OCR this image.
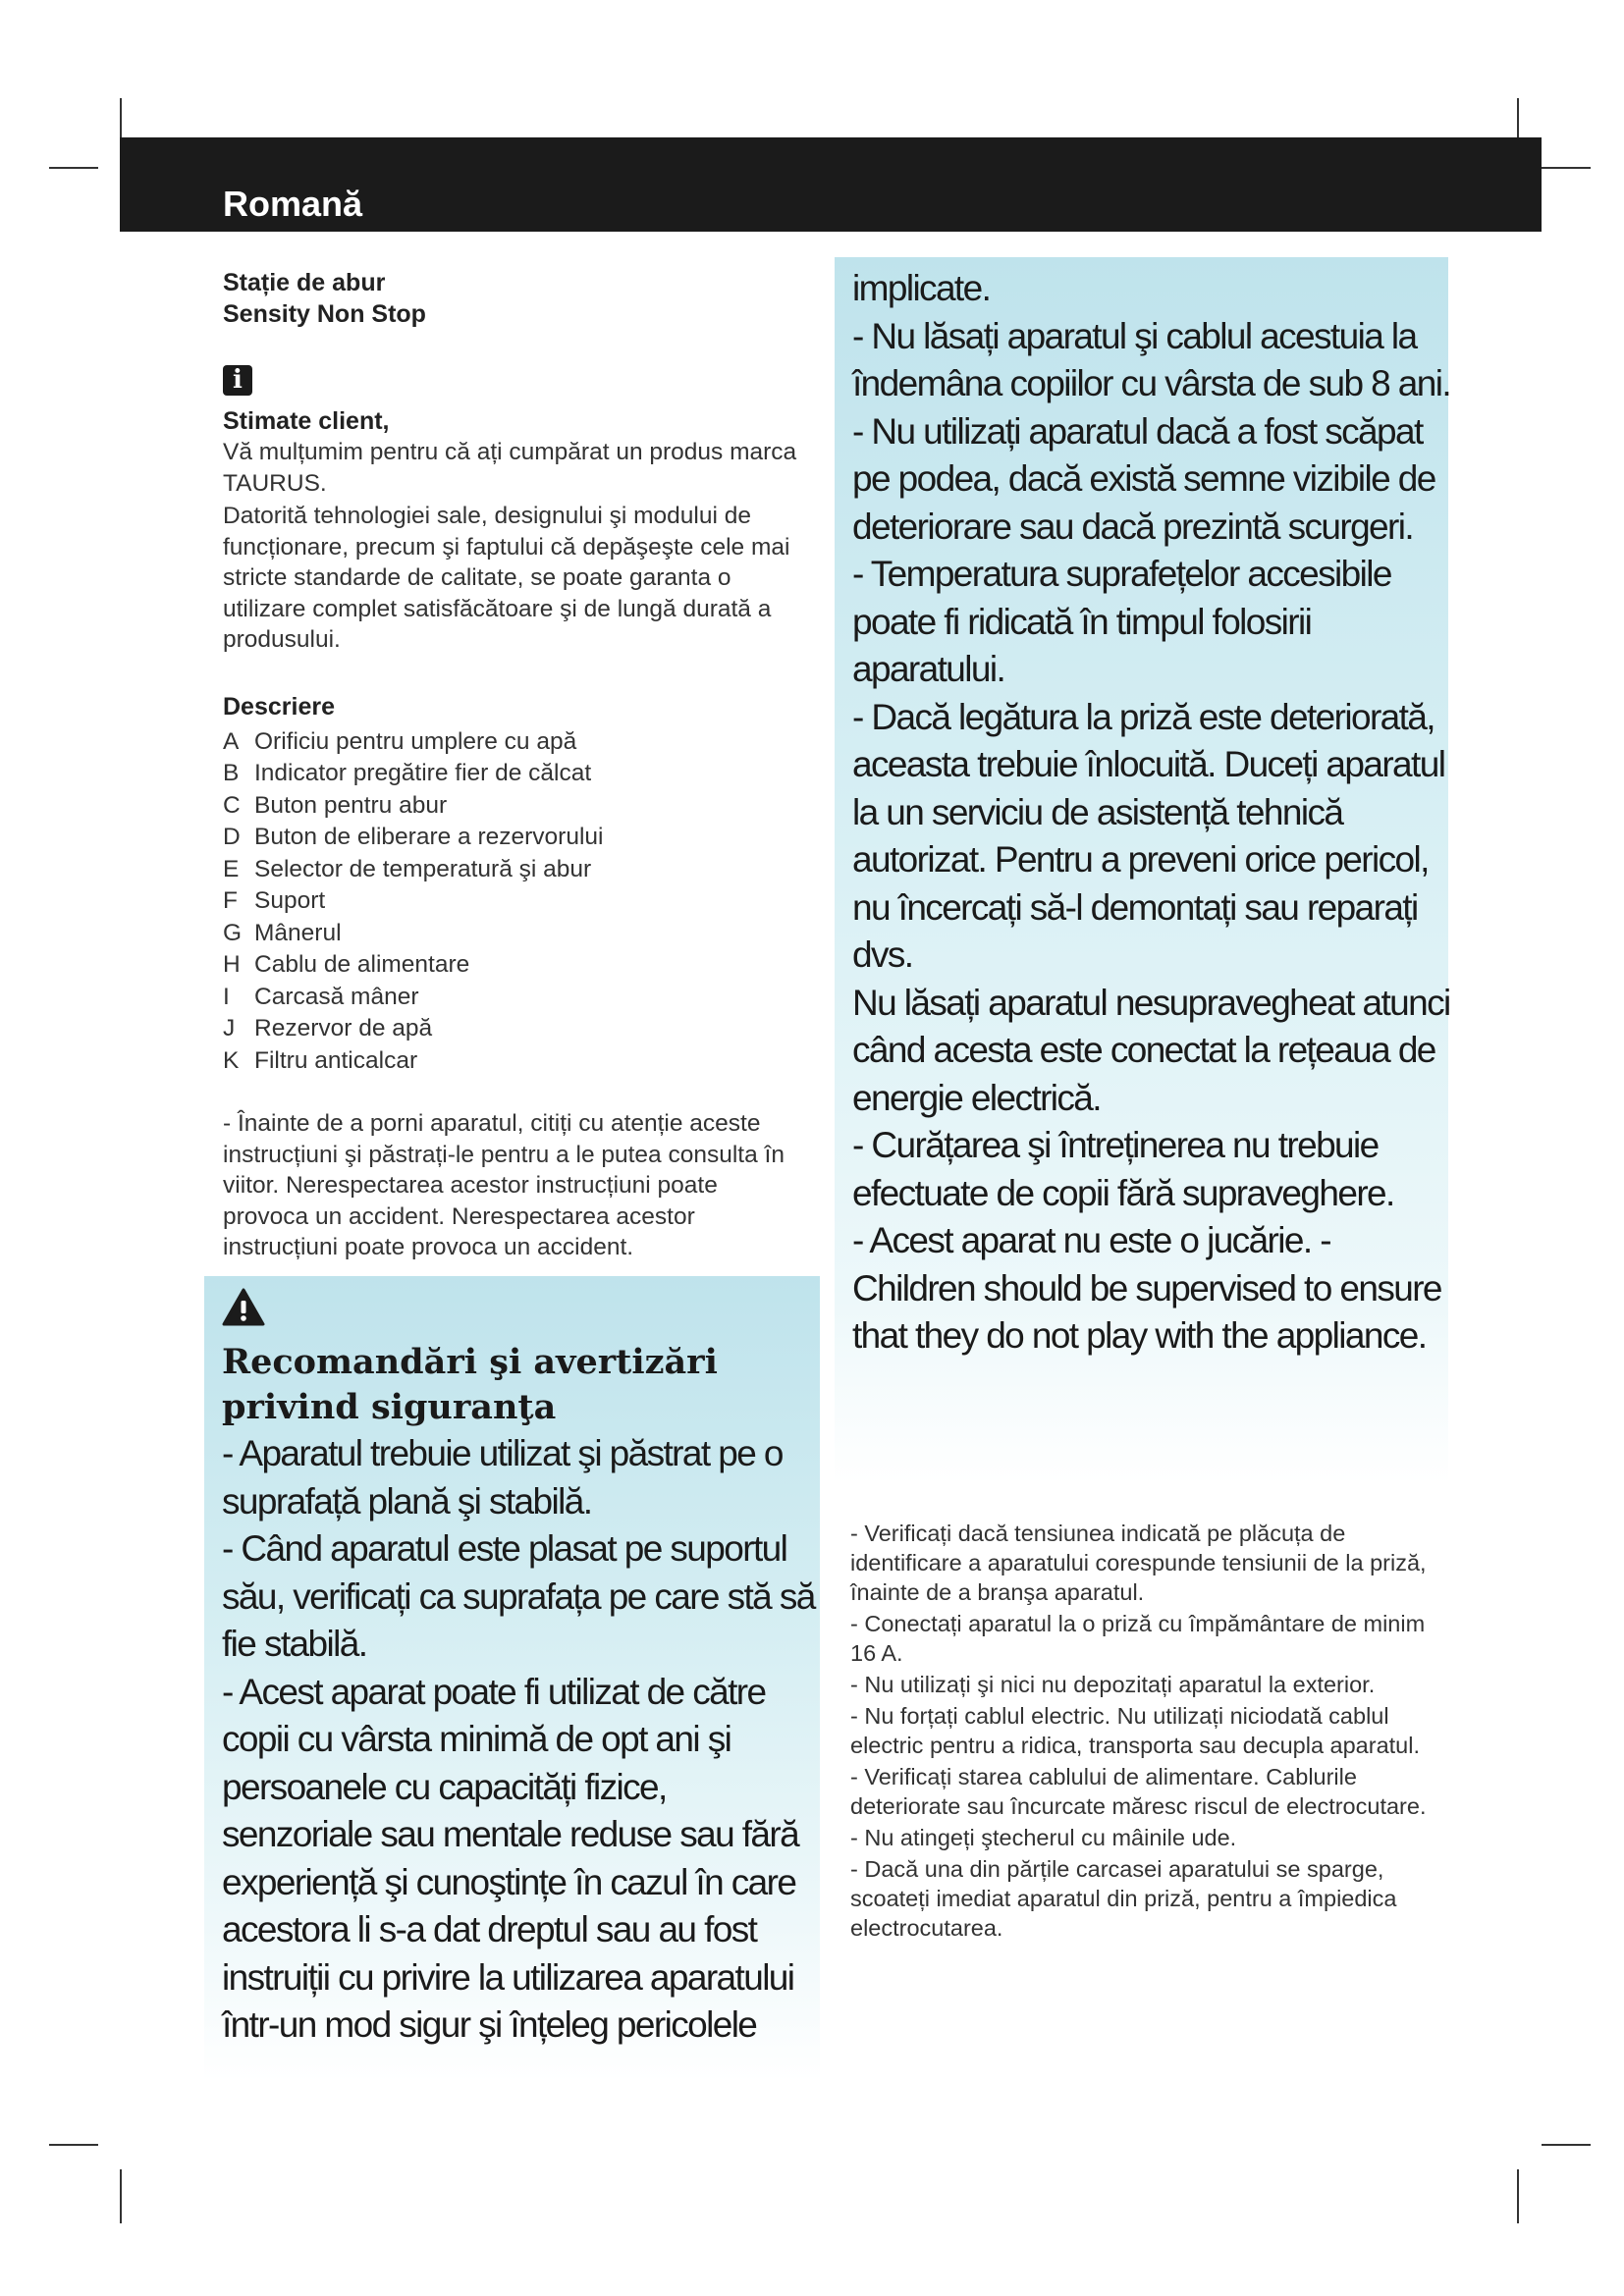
Romană
Stație de abur
Sensity Non Stop
i
Stimate client,

Vă mulțumim pentru că ați cumpărat un produs marca TAURUS.

Datorită tehnologiei sale, designului şi modului de funcționare, precum şi faptului că depăşeşte cele mai stricte standarde de calitate, se poate garanta o utilizare complet satisfăcătoare şi de lungă durată a produsului.

Descriere
A Orificiu pentru umplere cu apă
B Indicator pregătire fier de călcat
C Buton pentru abur
D Buton de eliberare a rezervorului
E Selector de temperatură şi abur
F Suport
G Mânerul
H Cablu de alimentare
I Carcasă mâner
J Rezervor de apă
K Filtru anticalcar

- Înainte de a porni aparatul, citiți cu atenție aceste instrucțiuni şi păstrați-le pentru a le putea consulta în viitor. Nerespectarea acestor instrucțiuni poate provoca un accident. Nerespectarea acestor instrucțiuni poate provoca un accident.

Recomandări şi avertizări privind siguranţa

- Aparatul trebuie utilizat şi păstrat pe o suprafață plană şi stabilă.

- Când aparatul este plasat pe suportul său, verificați ca suprafața pe care stă să fie stabilă.

- Acest aparat poate fi utilizat de către copii cu vârsta minimă de opt ani şi persoanele cu capacități fizice, senzoriale sau mentale reduse sau fără experiență şi cunoştințe în cazul în care acestora li s-a dat dreptul sau au fost instruiții cu privire la utilizarea aparatului într-un mod sigur şi înțeleg pericolele

implicate.

- Nu lăsați aparatul şi cablul acestuia la îndemâna copiilor cu vârsta de sub 8 ani.

- Nu utilizați aparatul dacă a fost scăpat pe podea, dacă există semne vizibile de deteriorare sau dacă prezintă scurgeri.

- Temperatura suprafețelor accesibile poate fi ridicată în timpul folosirii aparatului.

- Dacă legătura la priză este deteriorată, aceasta trebuie înlocuită. Duceți aparatul la un serviciu de asistență tehnică autorizat. Pentru a preveni orice pericol, nu încercați să-l demontați sau reparați dvs.

Nu lăsați aparatul nesupravegheat atunci când acesta este conectat la rețeaua de energie electrică.

- Curățarea şi întreținerea nu trebuie efectuate de copii fără supraveghere.

- Acest aparat nu este o jucărie. - Children should be supervised to ensure that they do not play with the appliance.

- Verificați dacă tensiunea indicată pe plăcuța de identificare a aparatului corespunde tensiunii de la priză, înainte de a branşa aparatul.

- Conectați aparatul la o priză cu împământare de minim 16 A.

- Nu utilizați şi nici nu depozitați aparatul la exterior.

- Nu forțați cablul electric. Nu utilizați niciodată cablul electric pentru a ridica, transporta sau decupla aparatul.

- Verificați starea cablului de alimentare. Cablurile deteriorate sau încurcate măresc riscul de electrocutare.

- Nu atingeți ştecherul cu mâinile ude.

- Dacă una din părțile carcasei aparatului se sparge, scoateți imediat aparatul din priză, pentru a împiedica electrocutarea.
